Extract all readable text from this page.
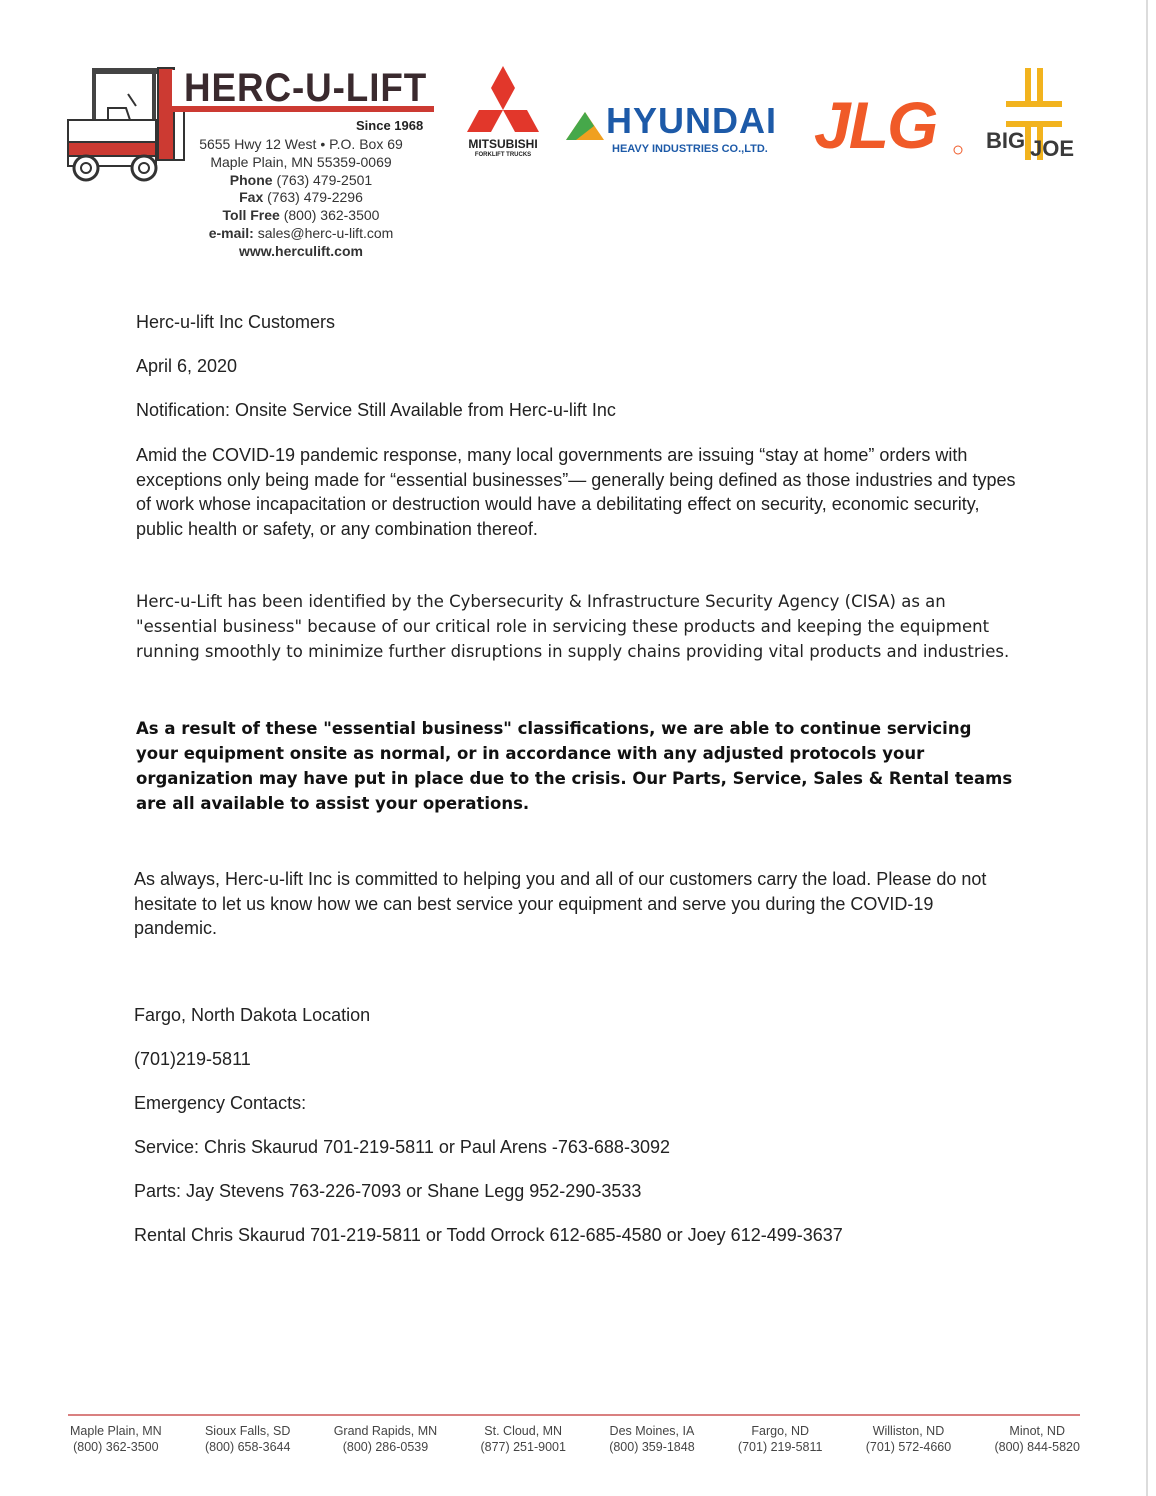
HERC-U-LIFT
Since 1968
5655 Hwy 12 West • P.O. Box 69
Maple Plain, MN 55359-0069
Phone (763) 479-2501
Fax (763) 479-2296
Toll Free (800) 362-3500
e-mail: sales@herc-u-lift.com
www.herculift.com
MITSUBISHI
FORKLIFT TRUCKS
HYUNDAI
HEAVY INDUSTRIES CO.,LTD. JLG BIG JOE
Herc-u-lift Inc Customers
April 6, 2020
Notification: Onsite Service Still Available from Herc-u-lift Inc
Amid the COVID-19 pandemic response, many local governments are issuing “stay at home” orders with exceptions only being made for “essential businesses”— generally being defined as those industries and types of work whose incapacitation or destruction would have a debilitating effect on security, economic security, public health or safety, or any combination thereof.
Herc-u-Lift has been identified by the Cybersecurity & Infrastructure Security Agency (CISA) as an "essential business" because of our critical role in servicing these products and keeping the equipment running smoothly to minimize further disruptions in supply chains providing vital products and industries.
As a result of these "essential business" classifications, we are able to continue servicing your equipment onsite as normal, or in accordance with any adjusted protocols your organization may have put in place due to the crisis. Our Parts, Service, Sales & Rental teams are all available to assist your operations.
As always, Herc-u-lift Inc is committed to helping you and all of our customers carry the load. Please do not hesitate to let us know how we can best service your equipment and serve you during the COVID-19 pandemic.
Fargo, North Dakota Location
(701)219-5811
Emergency Contacts:
Service: Chris Skaurud 701-219-5811 or Paul Arens -763-688-3092
Parts: Jay Stevens 763-226-7093 or Shane Legg 952-290-3533
Rental Chris Skaurud 701-219-5811 or Todd Orrock 612-685-4580 or Joey 612-499-3637
Maple Plain, MN
(800) 362-3500
Sioux Falls, SD
(800) 658-3644
Grand Rapids, MN
(800) 286-0539
St. Cloud, MN
(877) 251-9001
Des Moines, IA
(800) 359-1848
Fargo, ND
(701) 219-5811
Williston, ND
(701) 572-4660
Minot, ND
(800) 844-5820
